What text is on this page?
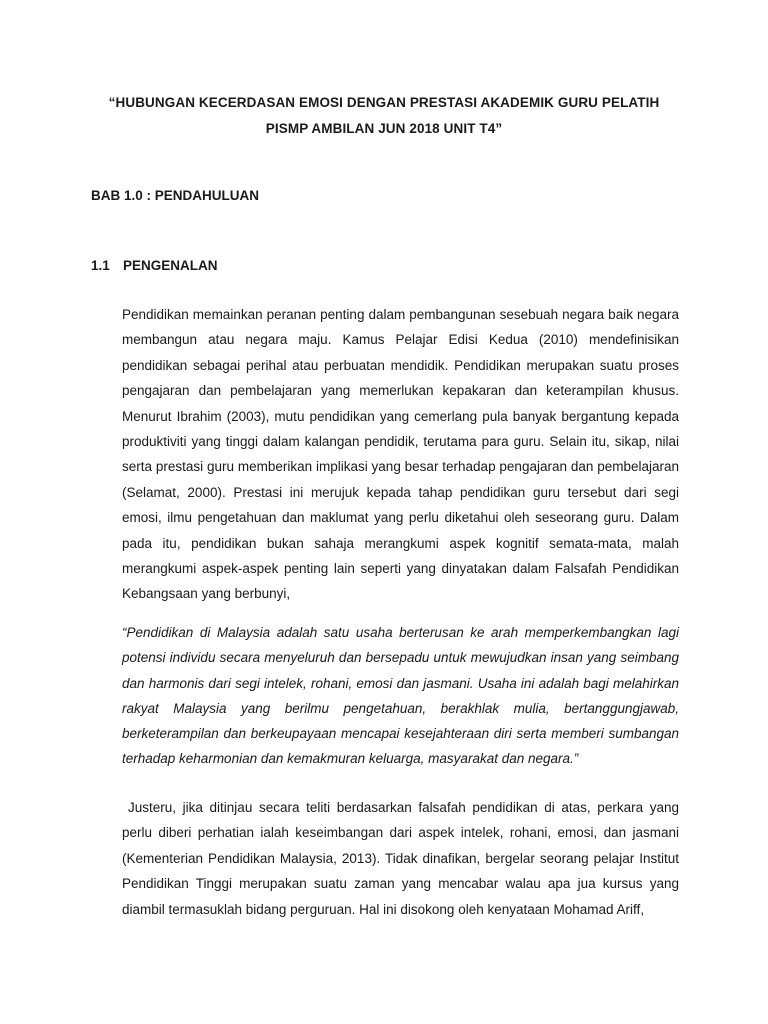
“HUBUNGAN KECERDASAN EMOSI DENGAN PRESTASI AKADEMIK GURU PELATIH
PISMP AMBILAN JUN 2018 UNIT T4”
BAB 1.0 : PENDAHULUAN
1.1 PENGENALAN
Pendidikan memainkan peranan penting dalam pembangunan sesebuah negara baik negara membangun atau negara maju. Kamus Pelajar Edisi Kedua (2010) mendefinisikan pendidikan sebagai perihal atau perbuatan mendidik. Pendidikan merupakan suatu proses pengajaran dan pembelajaran yang memerlukan kepakaran dan keterampilan khusus. Menurut Ibrahim (2003), mutu pendidikan yang cemerlang pula banyak bergantung kepada produktiviti yang tinggi dalam kalangan pendidik, terutama para guru. Selain itu, sikap, nilai serta prestasi guru memberikan implikasi yang besar terhadap pengajaran dan pembelajaran (Selamat, 2000). Prestasi ini merujuk kepada tahap pendidikan guru tersebut dari segi emosi, ilmu pengetahuan dan maklumat yang perlu diketahui oleh seseorang guru. Dalam pada itu, pendidikan bukan sahaja merangkumi aspek kognitif semata-mata, malah merangkumi aspek-aspek penting lain seperti yang dinyatakan dalam Falsafah Pendidikan Kebangsaan yang berbunyi,
“Pendidikan di Malaysia adalah satu usaha berterusan ke arah memperkembangkan lagi potensi individu secara menyeluruh dan bersepadu untuk mewujudkan insan yang seimbang dan harmonis dari segi intelek, rohani, emosi dan jasmani. Usaha ini adalah bagi melahirkan rakyat Malaysia yang berilmu pengetahuan, berakhlak mulia, bertanggungjawab, berketerampilan dan berkeupayaan mencapai kesejahteraan diri serta memberi sumbangan terhadap keharmonian dan kemakmuran keluarga, masyarakat dan negara.”
Justeru, jika ditinjau secara teliti berdasarkan falsafah pendidikan di atas, perkara yang perlu diberi perhatian ialah keseimbangan dari aspek intelek, rohani, emosi, dan jasmani (Kementerian Pendidikan Malaysia, 2013). Tidak dinafikan, bergelar seorang pelajar Institut Pendidikan Tinggi merupakan suatu zaman yang mencabar walau apa jua kursus yang diambil termasuklah bidang perguruan. Hal ini disokong oleh kenyataan Mohamad Ariff,
